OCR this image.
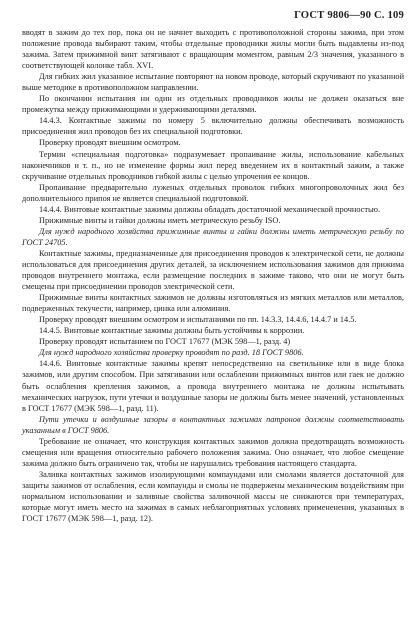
ГОСТ 9806—90 С. 109

вводят в зажим до тех пор, пока он не начнет выходить с противоположной стороны зажима, при этом положение провода выбирают таким, чтобы отдельные проводники жилы могли быть выдавлены из-под зажима. Затем прижимной винт затягивают с вращающим моментом, равным 2/3 значения, указанного в соответствующей колонке табл. XVI.

Для гибких жил указанное испытание повторяют на новом проводе, который скручивают по указанной выше методике в противоположном направлении.

По окончании испытания ни один из отдельных проводников жилы не должен оказаться вне промежутка между прижимающими и удерживающими деталями.

14.4.3. Контактные зажимы по номеру 5 включительно должны обеспечивать возможность присоединения жил проводов без их специальной подготовки.

Проверку проводят внешним осмотром.

Термин «специальная подготовка» подразумевает пропаивание жилы, использование кабельных наконечников и т. п., но не изменение формы жил перед введением их в контактный зажим, а также скручивание отдельных проводников гибкой жилы с целью упрочения ее концов.

Пропаивание предварительно луженых отдельных проволок гибких многопроволочных жил без дополнительного припоя не является специальной подготовкой.

14.4.4. Винтовые контактные зажимы должны обладать достаточной механической прочностью.

Прижимные винты и гайки должны иметь метрическую резьбу ISO.

Для нужд народного хозяйства прижимные винты и гайки должны иметь метрическую резьбу по ГОСТ 24705.

Контактные зажимы, предназначенные для присоединения проводов к электрической сети, не должны использоваться для присоединения других деталей, за исключением использования зажимов для прижима проводов внутреннего монтажа, если размещение последних в зажиме таково, что они не могут быть смещены при присоединении проводов электрической сети.

Прижимные винты контактных зажимов не должны изготовляться из мягких металлов или металлов, подверженных текучести, например, цинка или алюминия.

Проверку проводят внешним осмотром и испытаниями по пп. 14.3.3, 14.4.6, 14.4.7 и 14.5.

14.4.5. Винтовые контактные зажимы должны быть устойчивы к коррозии.

Проверку проводят испытанием по ГОСТ 17677 (МЭК 598—1, разд. 4)

Для нужд народного хозяйства проверку проводят по разд. 18 ГОСТ 9806.

14.4.6. Винтовые контактные зажимы крепят непосредственно на светильнике или в виде блока зажимов, или другим способом. При затягивании или ослаблении прижимных винтов или гаек не должно быть ослабления крепления зажимов, а провода внутреннего монтажа не должны испытывать механических нагрузок, пути утечки и воздушные зазоры не должны быть менее значений, установленных в ГОСТ 17677 (МЭК 598—1, разд. 11).

Пути утечки и воздушные зазоры в контактных зажимах патронов должны соответствовать указанным в ГОСТ 9806.

Требование не означает, что конструкция контактных зажимов должна предотвращать возможность смещения или вращения относительно рабочего положения зажима. Оно означает, что любое смещение зажима должно быть ограничено так, чтобы не нарушались требования настоящего стандарта.

Заливка контактных зажимов изолирующими компаундами или смолами является достаточной для защиты зажимов от ослабления, если компаунды и смолы не подвержены механическим воздействиям при нормальном использовании и заливные свойства заливочной массы не снижаются при температурах, которые могут иметь место на зажимах в самых неблагоприятных условиях примененения, указанных в ГОСТ 17677 (МЭК 598—1, разд. 12).
